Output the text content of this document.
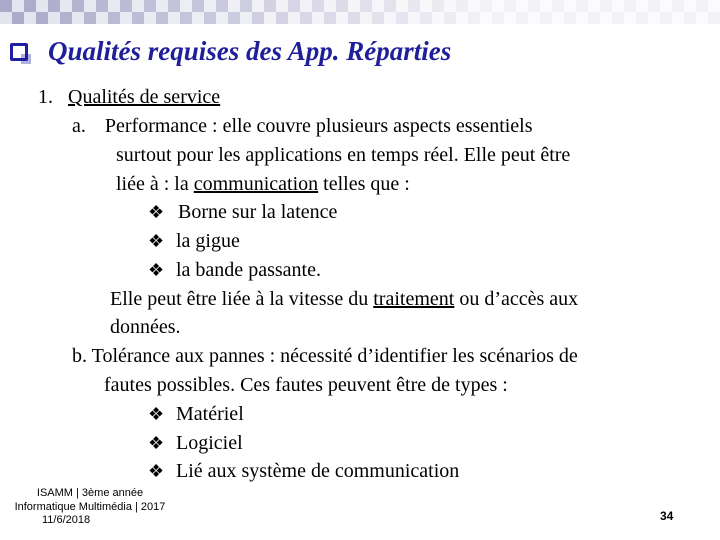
Qualités requises des App. Réparties
1. Qualités de service
a. Performance : elle couvre plusieurs aspects essentiels
surtout pour les applications en temps réel. Elle peut être
liée à : la communication telles que :
❖ Borne sur la latence
❖ la gigue
❖ la bande passante.
Elle peut être liée à la vitesse du traitement ou d’accès aux
données.
b. Tolérance aux pannes : nécessité d’identifier les scénarios de
fautes possibles. Ces fautes peuvent être de types :
❖ Matériel
❖ Logiciel
❖ Lié aux système de communication
ISAMM | 3ème année
Informatique Multimédia | 2017
11/6/2018	34
